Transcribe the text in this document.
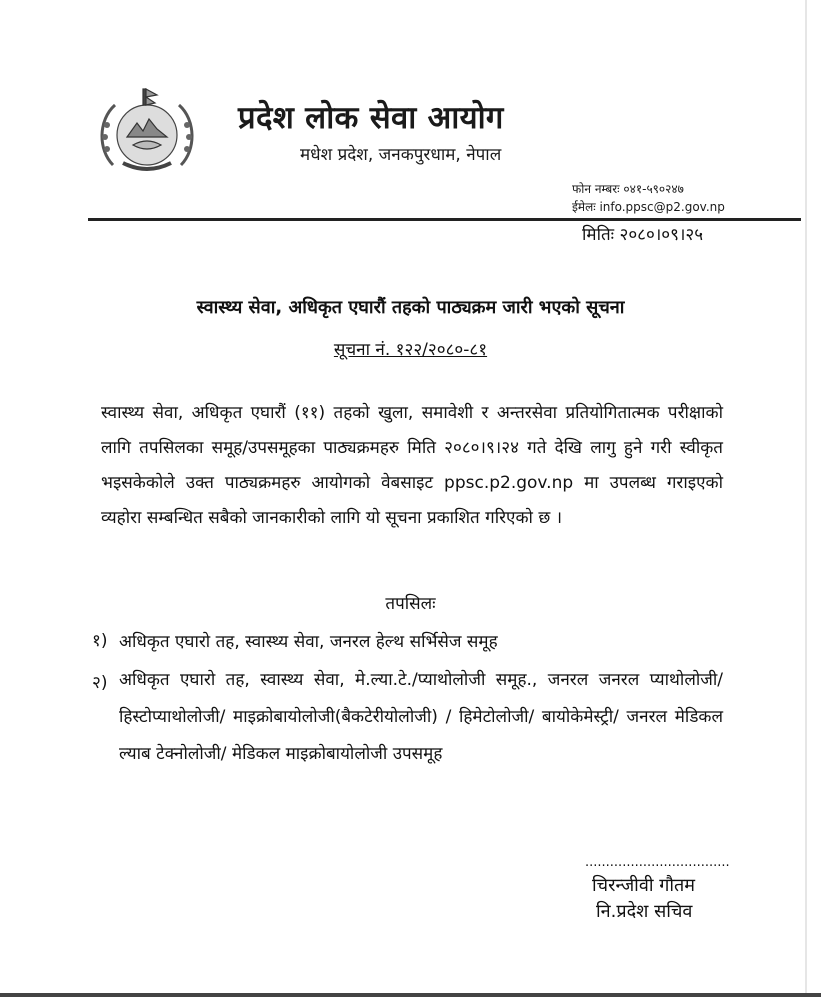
प्रदेश लोक सेवा आयोग
मधेश प्रदेश, जनकपुरधाम, नेपाल
फोन नम्बरः ०४१-५९०२४७
ईमेलः info.ppsc@p2.gov.np
मितिः २०८०।०९।२५
स्वास्थ्य सेवा, अधिकृत एघारौं तहको पाठ्यक्रम जारी भएको सूचना
सूचना नं. १२२/२०८०-८१
स्वास्थ्य सेवा, अधिकृत एघारौं (११) तहको खुला, समावेशी र अन्तरसेवा प्रतियोगितात्मक परीक्षाको लागि तपसिलका समूह/उपसमूहका पाठ्यक्रमहरु मिति २०८०।९।२४ गते देखि लागु हुने गरी स्वीकृत भइसकेकोले उक्त पाठ्यक्रमहरु आयोगको वेबसाइट ppsc.p2.gov.np मा उपलब्ध गराइएको व्यहोरा सम्बन्धित सबैको जानकारीको लागि यो सूचना प्रकाशित गरिएको छ ।
तपसिलः
१) अधिकृत एघारो तह, स्वास्थ्य सेवा, जनरल हेल्थ सर्भिसेज समूह
२) अधिकृत एघारो तह, स्वास्थ्य सेवा, मे.ल्या.टे./प्याथोलोजी समूह., जनरल जनरल प्याथोलोजी/ हिस्टोप्याथोलोजी/ माइक्रोबायोलोजी(बैकटेरीयोलोजी) / हिमेटोलोजी/ बायोकेमेस्ट्री/ जनरल मेडिकल ल्याब टेक्नोलोजी/ मेडिकल माइक्रोबायोलोजी उपसमूह
...................................
चिरन्जीवी गौतम
नि.प्रदेश सचिव
